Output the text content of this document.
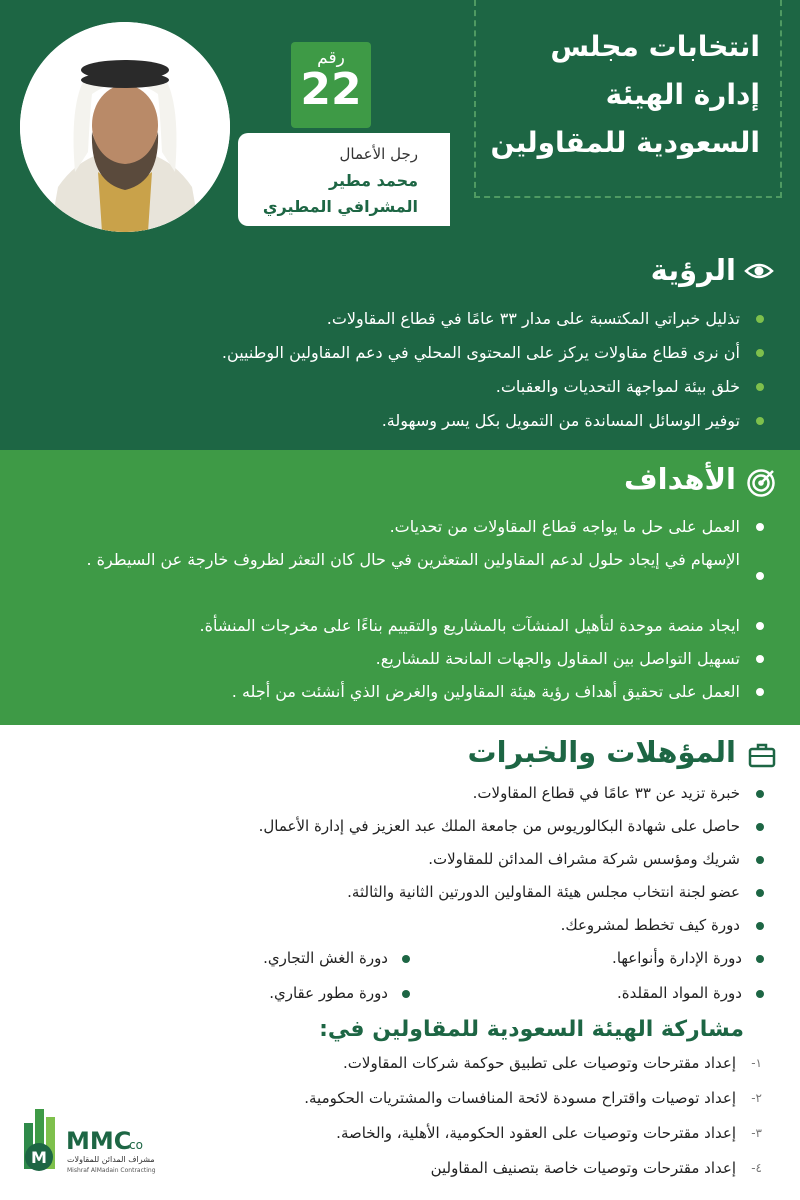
انتخابات مجلس
إدارة الهيئة
السعودية للمقاولين
رقم
22
رجل الأعمال
محمد مطير
المشرافي المطيري
الرؤية
تذليل خبراتي المكتسبة على مدار ٣٣ عامًا في قطاع المقاولات.
أن نرى قطاع مقاولات يركز على المحتوى المحلي في دعم المقاولين الوطنيين.
خلق بيئة لمواجهة التحديات والعقبات.
توفير الوسائل المساندة من التمويل بكل يسر وسهولة.
الأهداف
العمل على حل ما يواجه قطاع المقاولات من تحديات.
الإسهام في إيجاد حلول لدعم المقاولين المتعثرين في حال كان التعثر لظروف خارجة عن السيطرة .
ايجاد منصة موحدة لتأهيل المنشآت بالمشاريع والتقييم بناءًا على مخرجات المنشأة.
تسهيل التواصل بين المقاول والجهات المانحة للمشاريع.
العمل على تحقيق أهداف رؤية هيئة المقاولين والغرض الذي أنشئت من أجله .
المؤهلات والخبرات
خبرة تزيد عن ٣٣ عامًا في قطاع المقاولات.
حاصل على شهادة البكالوريوس من جامعة الملك عبد العزيز في إدارة الأعمال.
شريك ومؤسس شركة مشراف المدائن للمقاولات.
عضو لجنة انتخاب مجلس هيئة المقاولين الدورتين الثانية والثالثة.
دورة كيف تخطط لمشروعك.
دورة الإدارة وأنواعها.
دورة الغش التجاري.
دورة المواد المقلدة.
دورة مطور عقاري.
مشاركة الهيئة السعودية للمقاولين في:
١-
إعداد مقترحات وتوصيات على تطبيق حوكمة شركات المقاولات.
٢-
إعداد توصيات واقتراح مسودة لائحة المنافسات والمشتريات الحكومية.
٣-
إعداد مقترحات وتوصيات على العقود الحكومية، الأهلية، والخاصة.
٤-
إعداد مقترحات وتوصيات خاصة بتصنيف المقاولين
M
MMC
co
مشراف المدائن للمقاولات
Mishraf AlMadain Contracting
